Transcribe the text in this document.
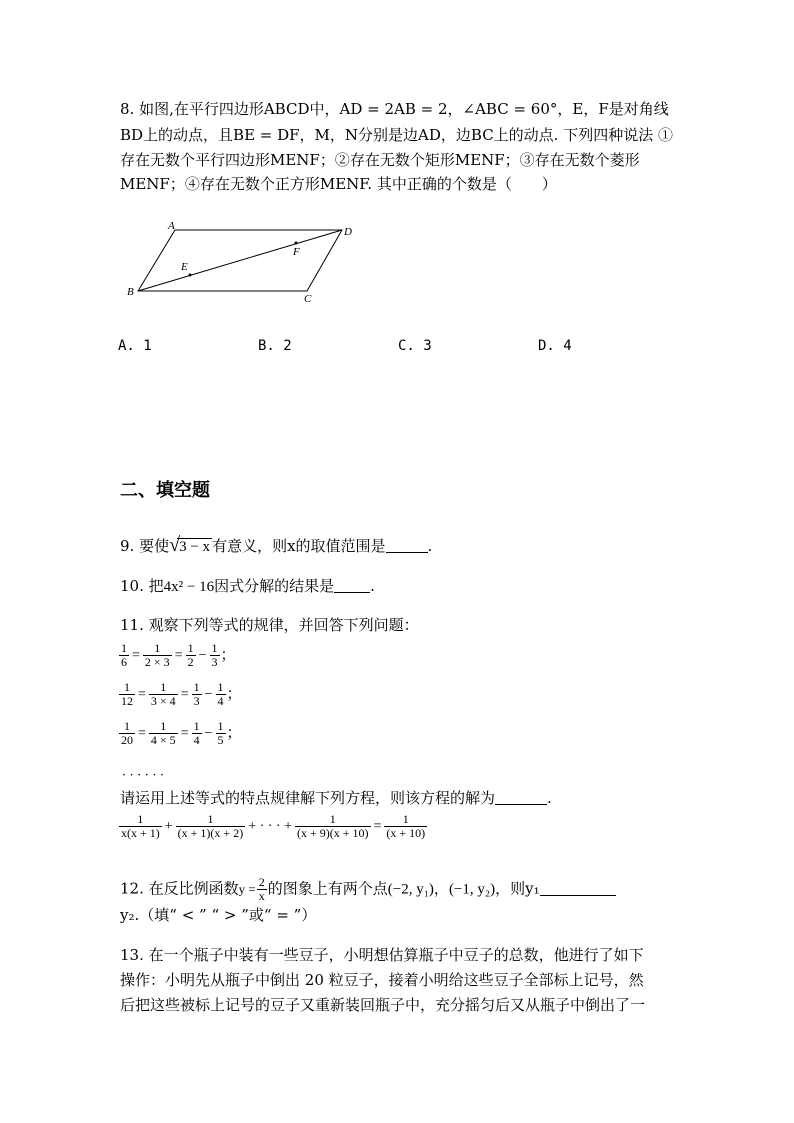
8. 如图,在平行四边形ABCD中，AD = 2AB = 2，∠ABC = 60°，E，F是对角线
BD上的动点，且BE = DF，M，N分别是边AD，边BC上的动点. 下列四种说法 ①
存在无数个平行四边形MENF；②存在无数个矩形MENF；③存在无数个菱形
MENF；④存在无数个正方形MENF. 其中正确的个数是（　　）
A	D
B
C
E
F
A. 1	B. 2	C. 3	D. 4
二、填空题
9. 要使 √ 3 − x 有意义，则x的取值范围是	.
10. 把4x² − 16因式分解的结果是 .
11. 观察下列等式的规律，并回答下列问题：
$\frac{1}{6} = \frac{1}{2 \times 3} = \frac{1}{2} - \frac{1}{3}$ ；
$\frac{1}{12} = \frac{1}{3 \times 4} = \frac{1}{3} - \frac{1}{4}$ ；
$\frac{1}{20} = \frac{1}{4 \times 5} = \frac{1}{4} - \frac{1}{5}$ ；
· · · · · ·
请运用上述等式的特点规律解下列方程，则该方程的解为	.
$\frac{1}{x(x + 1)} + \frac{1}{(x + 1)(x + 2)}$ + · · · + $\frac{1}{(x + 9)(x + 10)} = \frac{1}{(x + 10)}$
12. 在反比例函数$y = \frac{2}{x}$ 的图象上有两个点(−2, y₁)，(−1, y₂)，则y₁
y₂.（填“ < ” “ > ”或“ = ”）
13. 在一个瓶子中装有一些豆子，小明想估算瓶子中豆子的总数，他进行了如下
操作：小明先从瓶子中倒出 20 粒豆子，接着小明给这些豆子全部标上记号，然
后把这些被标上记号的豆子又重新装回瓶子中，充分摇匀后又从瓶子中倒出了一
